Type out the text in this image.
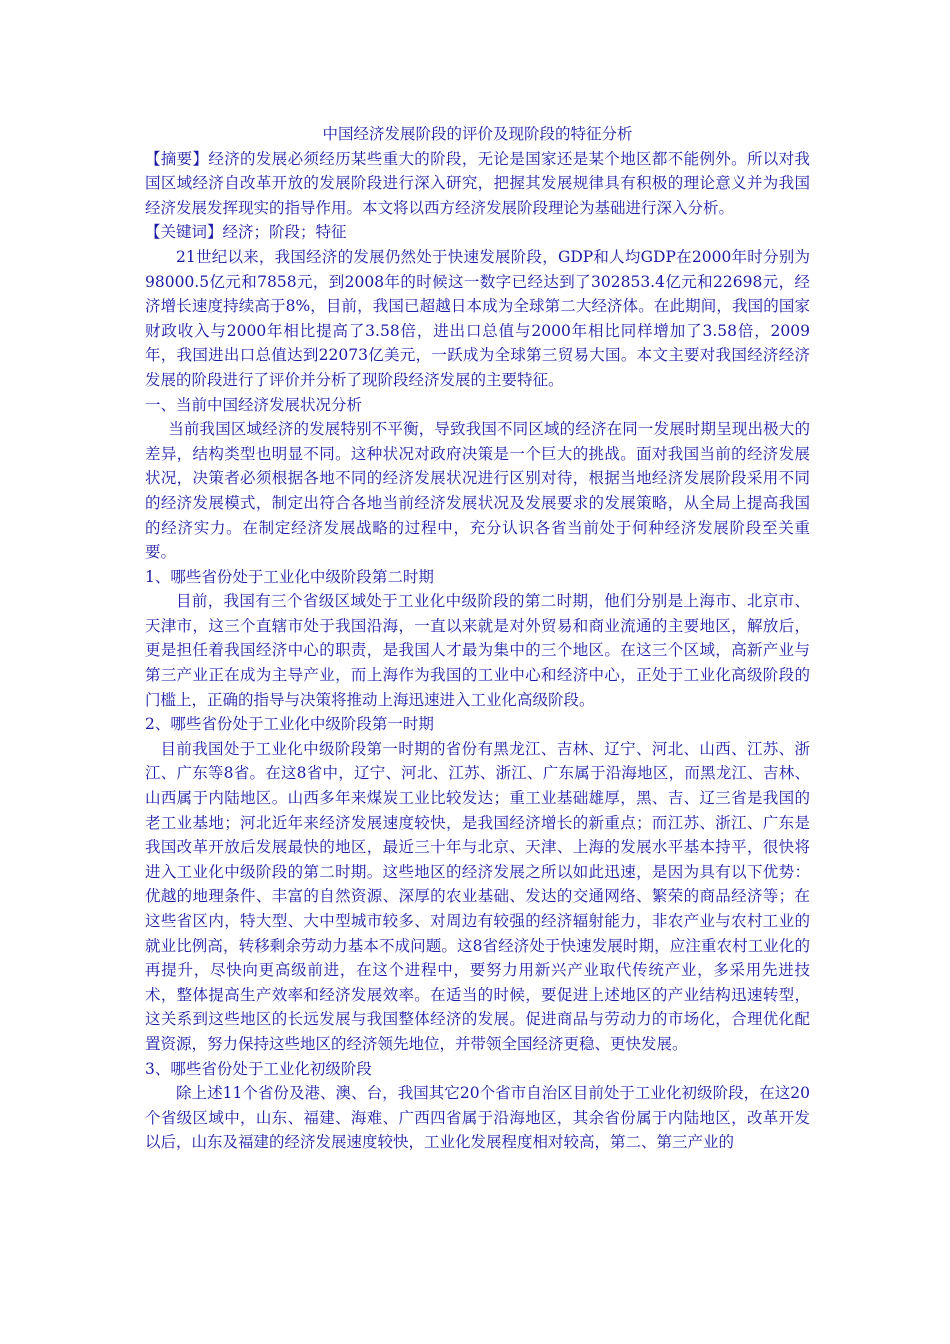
中国经济发展阶段的评价及现阶段的特征分析

【摘要】经济的发展必须经历某些重大的阶段，无论是国家还是某个地区都不能例外。所以对我国区域经济自改革开放的发展阶段进行深入研究，把握其发展规律具有积极的理论意义并为我国经济发展发挥现实的指导作用。本文将以西方经济发展阶段理论为基础进行深入分析。

【关键词】经济；阶段；特征

21世纪以来，我国经济的发展仍然处于快速发展阶段，GDP和人均GDP在2000年时分别为98000.5亿元和7858元，到2008年的时候这一数字已经达到了302853.4亿元和22698元，经济增长速度持续高于8%，目前，我国已超越日本成为全球第二大经济体。在此期间，我国的国家财政收入与2000年相比提高了3.58倍，进出口总值与2000年相比同样增加了3.58倍，2009年，我国进出口总值达到22073亿美元，一跃成为全球第三贸易大国。本文主要对我国经济经济发展的阶段进行了评价并分析了现阶段经济发展的主要特征。

一、当前中国经济发展状况分析

当前我国区域经济的发展特别不平衡，导致我国不同区域的经济在同一发展时期呈现出极大的差异，结构类型也明显不同。这种状况对政府决策是一个巨大的挑战。面对我国当前的经济发展状况，决策者必须根据各地不同的经济发展状况进行区别对待，根据当地经济发展阶段采用不同的经济发展模式，制定出符合各地当前经济发展状况及发展要求的发展策略，从全局上提高我国的经济实力。在制定经济发展战略的过程中，充分认识各省当前处于何种经济发展阶段至关重要。

1、哪些省份处于工业化中级阶段第二时期

目前，我国有三个省级区域处于工业化中级阶段的第二时期，他们分别是上海市、北京市、天津市，这三个直辖市处于我国沿海，一直以来就是对外贸易和商业流通的主要地区，解放后，更是担任着我国经济中心的职责，是我国人才最为集中的三个地区。在这三个区域，高新产业与第三产业正在成为主导产业，而上海作为我国的工业中心和经济中心，正处于工业化高级阶段的门槛上，正确的指导与决策将推动上海迅速进入工业化高级阶段。

2、哪些省份处于工业化中级阶段第一时期

目前我国处于工业化中级阶段第一时期的省份有黑龙江、吉林、辽宁、河北、山西、江苏、浙江、广东等8省。在这8省中，辽宁、河北、江苏、浙江、广东属于沿海地区，而黑龙江、吉林、山西属于内陆地区。山西多年来煤炭工业比较发达；重工业基础雄厚，黑、吉、辽三省是我国的老工业基地；河北近年来经济发展速度较快，是我国经济增长的新重点；而江苏、浙江、广东是我国改革开放后发展最快的地区，最近三十年与北京、天津、上海的发展水平基本持平，很快将进入工业化中级阶段的第二时期。这些地区的经济发展之所以如此迅速，是因为具有以下优势：优越的地理条件、丰富的自然资源、深厚的农业基础、发达的交通网络、繁荣的商品经济等；在这些省区内，特大型、大中型城市较多、对周边有较强的经济辐射能力，非农产业与农村工业的就业比例高，转移剩余劳动力基本不成问题。这8省经济处于快速发展时期，应注重农村工业化的再提升，尽快向更高级前进，在这个进程中，要努力用新兴产业取代传统产业，多采用先进技术，整体提高生产效率和经济发展效率。在适当的时候，要促进上述地区的产业结构迅速转型，这关系到这些地区的长远发展与我国整体经济的发展。促进商品与劳动力的市场化，合理优化配置资源，努力保持这些地区的经济领先地位，并带领全国经济更稳、更快发展。

3、哪些省份处于工业化初级阶段

除上述11个省份及港、澳、台，我国其它20个省市自治区目前处于工业化初级阶段，在这20个省级区域中，山东、福建、海难、广西四省属于沿海地区，其余省份属于内陆地区，改革开发以后，山东及福建的经济发展速度较快，工业化发展程度相对较高，第二、第三产业的
